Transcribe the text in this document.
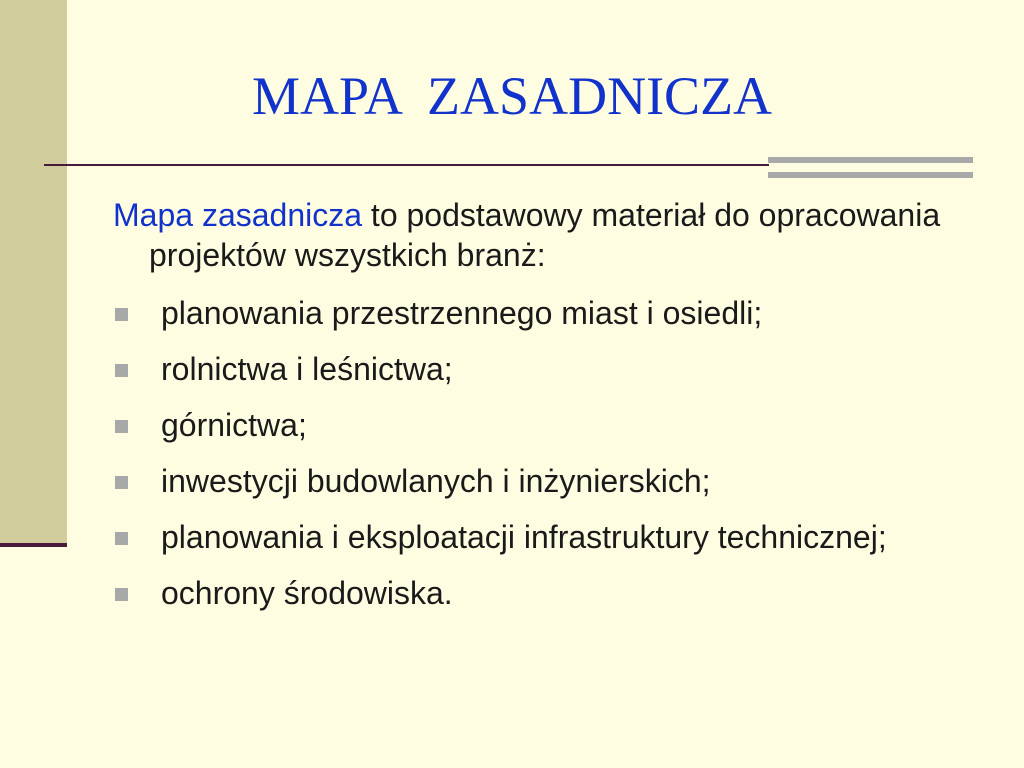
MAPA  ZASADNICZA

Mapa zasadnicza to podstawowy materiał do opracowania projektów wszystkich branż:

planowania przestrzennego miast i osiedli;
rolnictwa i leśnictwa;
górnictwa;
inwestycji budowlanych i inżynierskich;
planowania i eksploatacji infrastruktury technicznej;
ochrony środowiska.
